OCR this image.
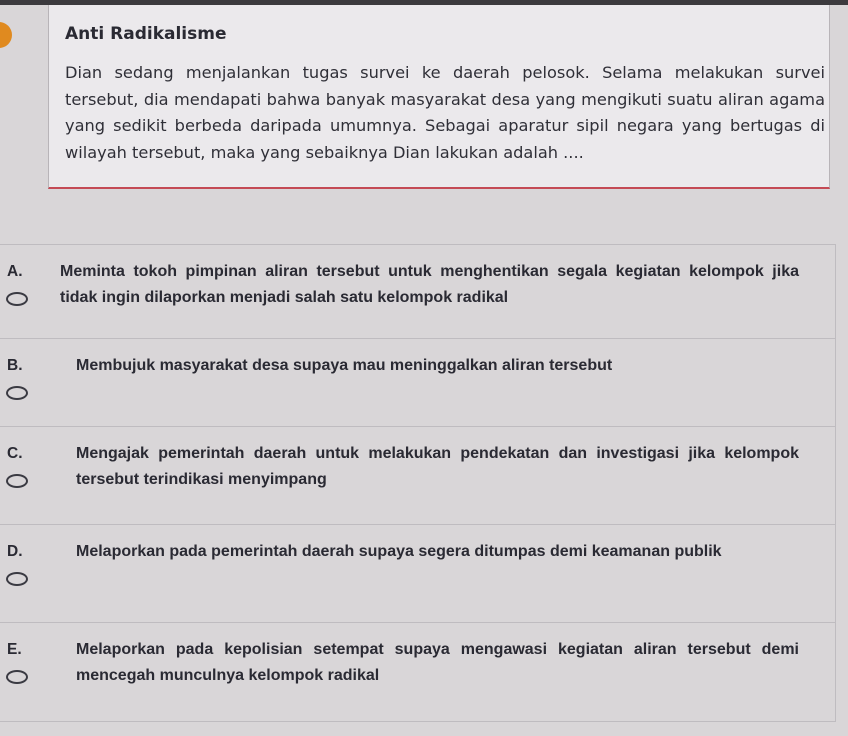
Anti Radikalisme
Dian sedang menjalankan tugas survei ke daerah pelosok. Selama melakukan survei tersebut, dia mendapati bahwa banyak masyarakat desa yang mengikuti suatu aliran agama yang sedikit berbeda daripada umumnya. Sebagai aparatur sipil negara yang bertugas di wilayah tersebut, maka yang sebaiknya Dian lakukan adalah ....
A. Meminta tokoh pimpinan aliran tersebut untuk menghentikan segala kegiatan kelompok jika tidak ingin dilaporkan menjadi salah satu kelompok radikal
B.	Membujuk masyarakat desa supaya mau meninggalkan aliran tersebut
C.	Mengajak pemerintah daerah untuk melakukan pendekatan dan investigasi jika kelompok tersebut terindikasi menyimpang
D.	Melaporkan pada pemerintah daerah supaya segera ditumpas demi keamanan publik
E.	Melaporkan pada kepolisian setempat supaya mengawasi kegiatan aliran tersebut demi mencegah munculnya kelompok radikal
